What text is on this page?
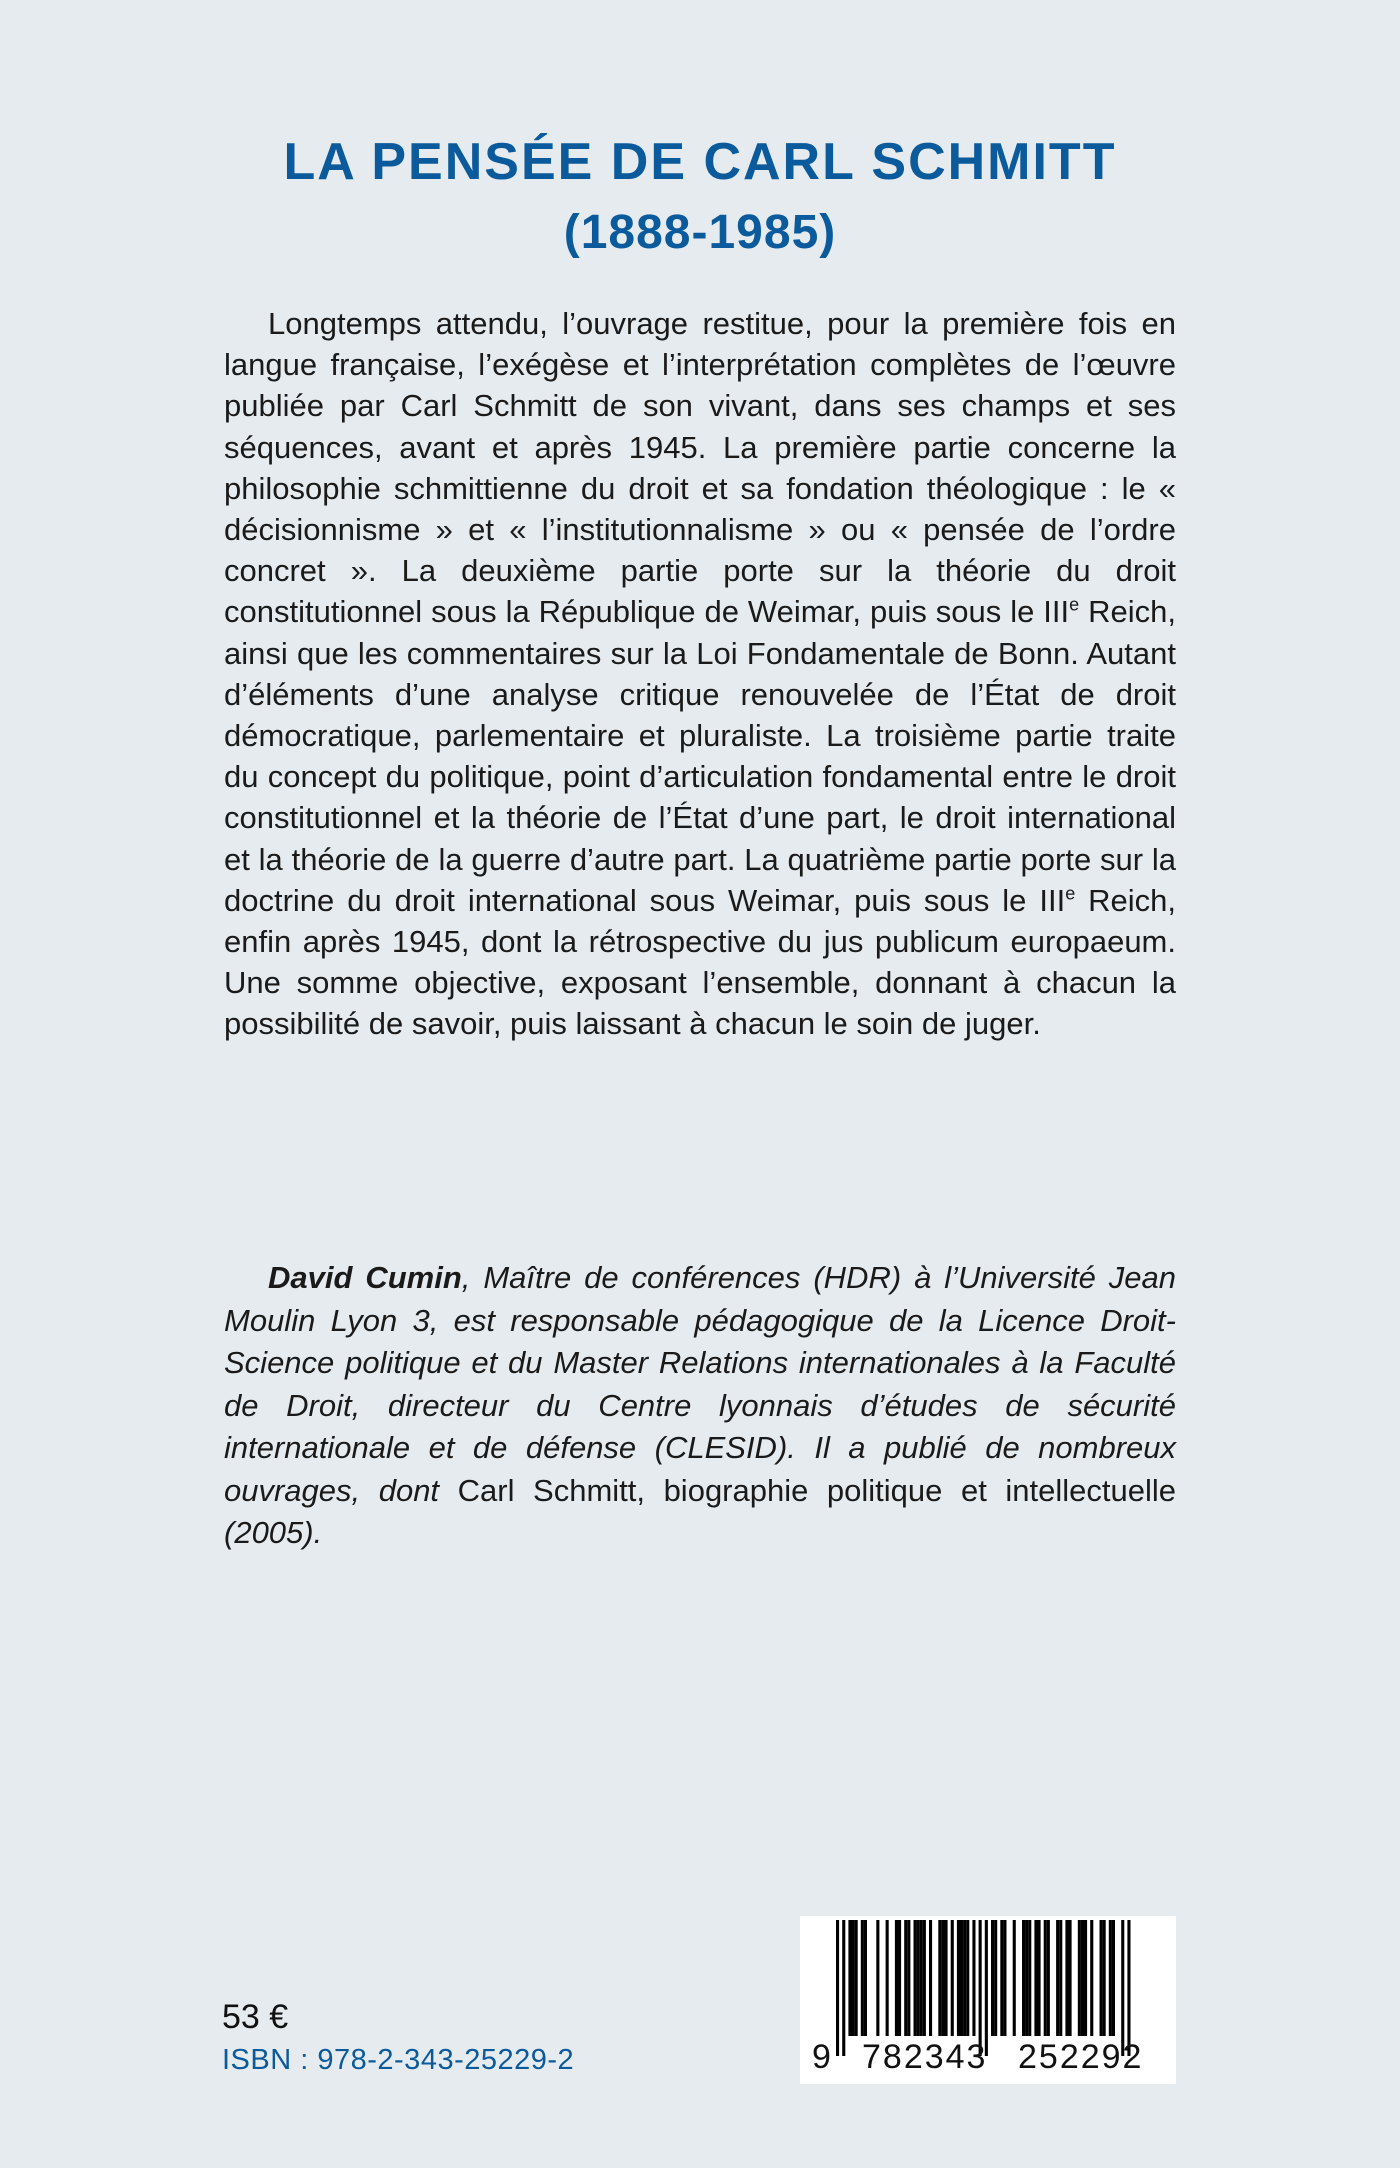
LA PENSÉE DE CARL SCHMITT
(1888-1985)

Longtemps attendu, l’ouvrage restitue, pour la première fois en langue française, l’exégèse et l’interprétation complètes de l’œuvre publiée par Carl Schmitt de son vivant, dans ses champs et ses séquences, avant et après 1945. La première partie concerne la philosophie schmittienne du droit et sa fondation théologique : le « décisionnisme » et « l’institutionnalisme » ou « pensée de l’ordre concret ». La deuxième partie porte sur la théorie du droit constitutionnel sous la République de Weimar, puis sous le IIIe Reich, ainsi que les commentaires sur la Loi Fondamentale de Bonn. Autant d’éléments d’une analyse critique renouvelée de l’État de droit démocratique, parlementaire et pluraliste. La troisième partie traite du concept du politique, point d’articulation fondamental entre le droit constitutionnel et la théorie de l’État d’une part, le droit international et la théorie de la guerre d’autre part. La quatrième partie porte sur la doctrine du droit international sous Weimar, puis sous le IIIe Reich, enfin après 1945, dont la rétrospective du jus publicum europaeum. Une somme objective, exposant l’ensemble, donnant à chacun la possibilité de savoir, puis laissant à chacun le soin de juger.

David Cumin, Maître de conférences (HDR) à l’Université Jean Moulin Lyon 3, est responsable pédagogique de la Licence Droit-Science politique et du Master Relations internationales à la Faculté de Droit, directeur du Centre lyonnais d’études de sécurité internationale et de défense (CLESID). Il a publié de nombreux ouvrages, dont Carl Schmitt, biographie politique et intellectuelle (2005).

53 €

ISBN : 978-2-343-25229-2	9 782343 252292
